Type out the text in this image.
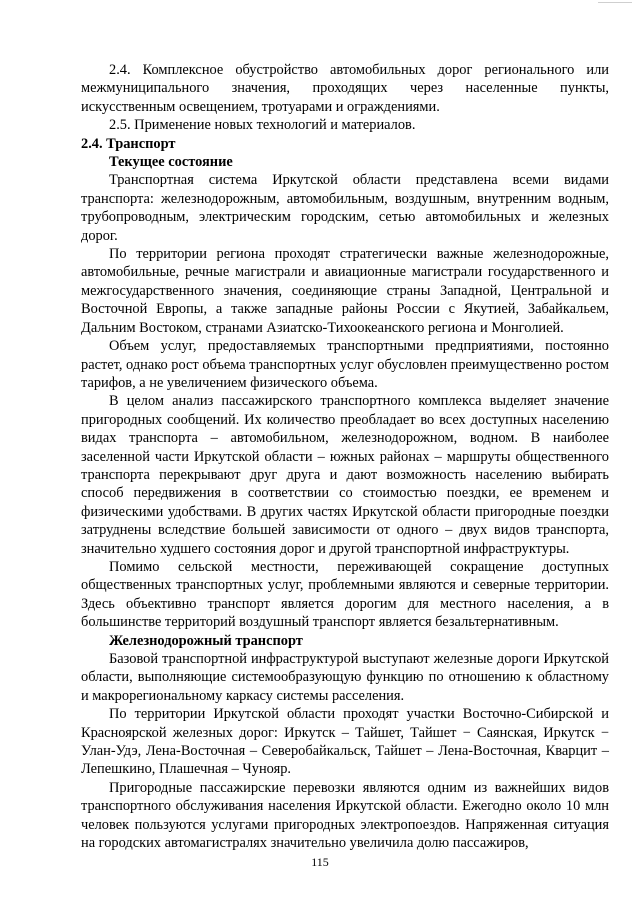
2.4. Комплексное обустройство автомобильных дорог регионального или межмуниципального значения, проходящих через населенные пункты, искусственным освещением, тротуарами и ограждениями.

2.5. Применение новых технологий и материалов.

2.4. Транспорт

Текущее состояние

Транспортная система Иркутской области представлена всеми видами транспорта: железнодорожным, автомобильным, воздушным, внутренним водным, трубопроводным, электрическим городским, сетью автомобильных и железных дорог.

По территории региона проходят стратегически важные железнодорожные, автомобильные, речные магистрали и авиационные магистрали государственного и межгосударственного значения, соединяющие страны Западной, Центральной и Восточной Европы, а также западные районы России с Якутией, Забайкальем, Дальним Востоком, странами Азиатско-Тихоокеанского региона и Монголией.

Объем услуг, предоставляемых транспортными предприятиями, постоянно растет, однако рост объема транспортных услуг обусловлен преимущественно ростом тарифов, а не увеличением физического объема.

В целом анализ пассажирского транспортного комплекса выделяет значение пригородных сообщений. Их количество преобладает во всех доступных населению видах транспорта – автомобильном, железнодорожном, водном. В наиболее заселенной части Иркутской области – южных районах – маршруты общественного транспорта перекрывают друг друга и дают возможность населению выбирать способ передвижения в соответствии со стоимостью поездки, ее временем и физическими удобствами. В других частях Иркутской области пригородные поездки затруднены вследствие большей зависимости от одного – двух видов транспорта, значительно худшего состояния дорог и другой транспортной инфраструктуры.

Помимо сельской местности, переживающей сокращение доступных общественных транспортных услуг, проблемными являются и северные территории. Здесь объективно транспорт является дорогим для местного населения, а в большинстве территорий воздушный транспорт является безальтернативным.

Железнодорожный транспорт

Базовой транспортной инфраструктурой выступают железные дороги Иркутской области, выполняющие системообразующую функцию по отношению к областному и макрорегиональному каркасу системы расселения.

По территории Иркутской области проходят участки Восточно-Сибирской и Красноярской железных дорог: Иркутск – Тайшет, Тайшет − Саянская, Иркутск − Улан-Удэ, Лена-Восточная – Северобайкальск, Тайшет – Лена-Восточная, Кварцит – Лепешкино, Плашечная – Чунояр.

Пригородные пассажирские перевозки являются одним из важнейших видов транспортного обслуживания населения Иркутской области. Ежегодно около 10 млн человек пользуются услугами пригородных электропоездов. Напряженная ситуация на городских автомагистралях значительно увеличила долю пассажиров,

115
